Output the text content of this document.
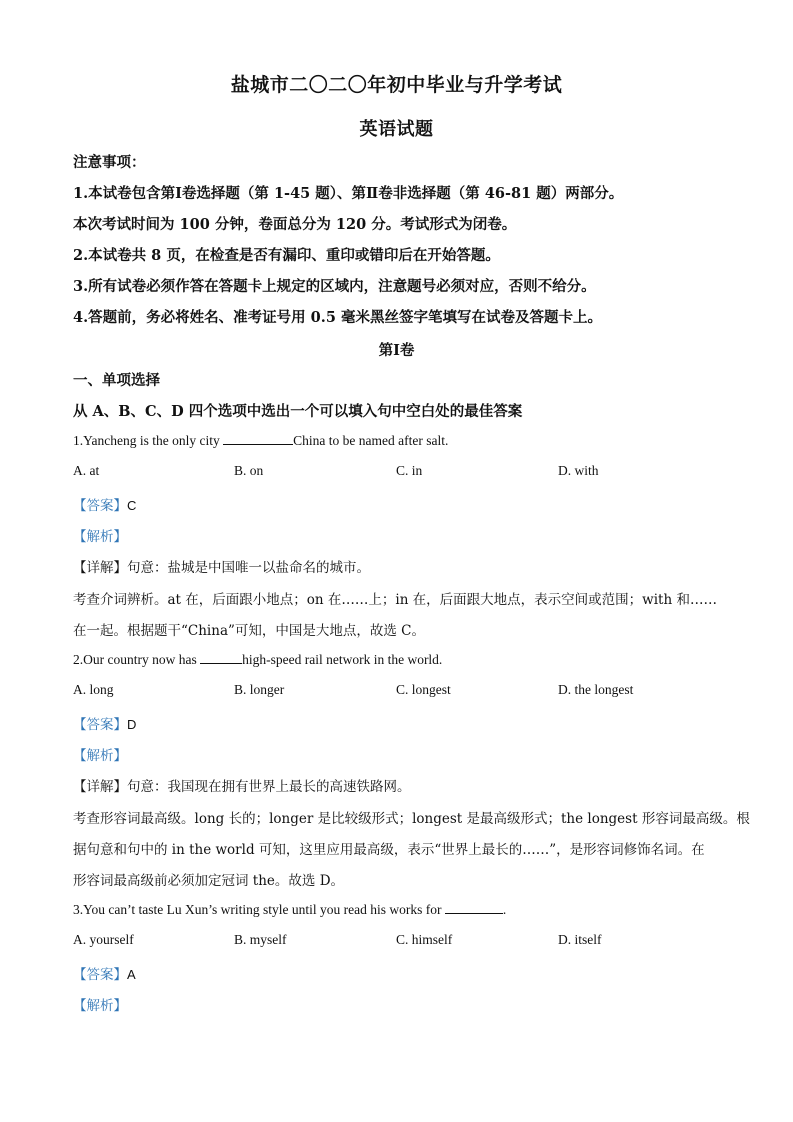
盐城市二〇二〇年初中毕业与升学考试
英语试题
注意事项：
1.本试卷包含第Ⅰ卷选择题（第 1-45 题）、第Ⅱ卷非选择题（第 46-81 题）两部分。
本次考试时间为 100 分钟，卷面总分为 120 分。考试形式为闭卷。
2.本试卷共 8 页，在检查是否有漏印、重印或错印后在开始答题。
3.所有试卷必须作答在答题卡上规定的区域内，注意题号必须对应，否则不给分。
4.答题前，务必将姓名、准考证号用 0.5 毫米黑丝签字笔填写在试卷及答题卡上。
第Ⅰ卷
一、单项选择
从 A、B、C、D 四个选项中选出一个可以填入句中空白处的最佳答案
1.Yancheng is the only city	China to be named after salt.
A. at	B. on	C. in	D. with
【答案】C
【解析】
【详解】句意：盐城是中国唯一以盐命名的城市。
考查介词辨析。at 在，后面跟小地点；on 在……上；in 在，后面跟大地点，表示空间或范围；with 和……
在一起。根据题干“China”可知，中国是大地点，故选 C。
2.Our country now has	high-speed rail network in the world.
A. long	B. longer	C. longest	D. the longest
【答案】D
【解析】
【详解】句意：我国现在拥有世界上最长的高速铁路网。
考查形容词最高级。long 长的；longer 是比较级形式；longest 是最高级形式；the longest 形容词最高级。根
据句意和句中的 in the world 可知，这里应用最高级，表示“世界上最长的……”，是形容词修饰名词。在
形容词最高级前必须加定冠词 the。故选 D。
3.You can’t taste Lu Xun’s writing style until you read his works for	.
A. yourself	B. myself	C. himself	D. itself
【答案】A
【解析】
